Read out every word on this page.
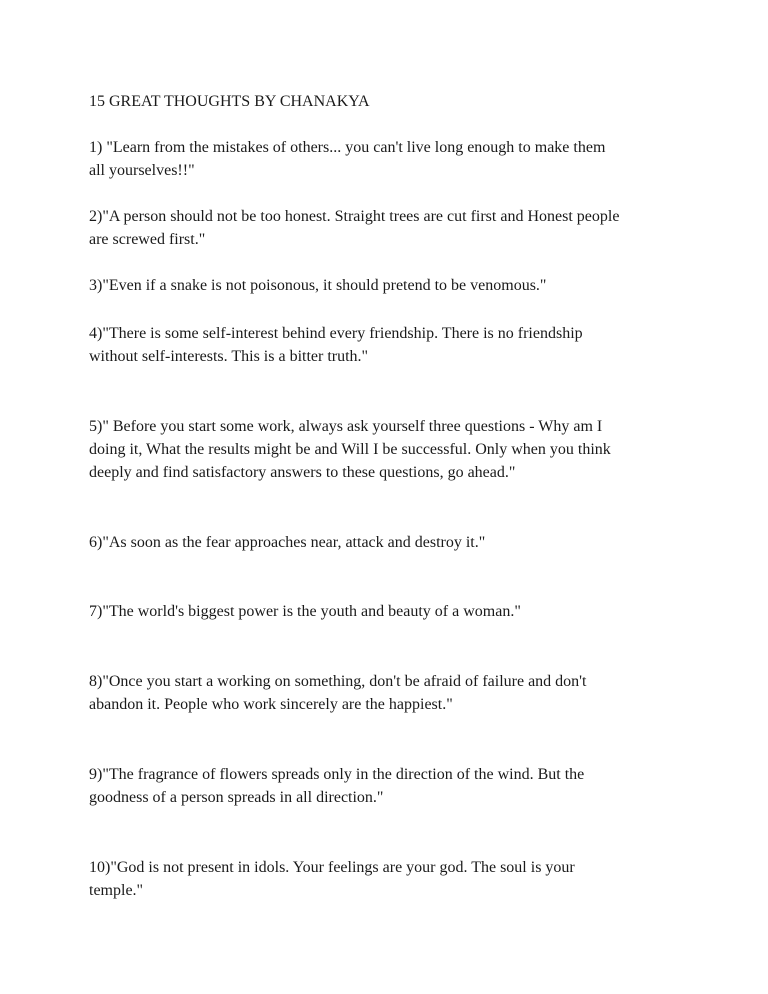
15 GREAT THOUGHTS BY CHANAKYA

1) "Learn from the mistakes of others... you can't live long enough to make them

all yourselves!!"

2)"A person should not be too honest. Straight trees are cut first and Honest people

are screwed first."

3)"Even if a snake is not poisonous, it should pretend to be venomous."

4)"There is some self-interest behind every friendship. There is no friendship

without self-interests. This is a bitter truth."

5)" Before you start some work, always ask yourself three questions - Why am I

doing it, What the results might be and Will I be successful. Only when you think

deeply and find satisfactory answers to these questions, go ahead."

6)"As soon as the fear approaches near, attack and destroy it."

7)"The world's biggest power is the youth and beauty of a woman."

8)"Once you start a working on something, don't be afraid of failure and don't

abandon it. People who work sincerely are the happiest."

9)"The fragrance of flowers spreads only in the direction of the wind. But the

goodness of a person spreads in all direction."

10)"God is not present in idols. Your feelings are your god. The soul is your

temple."
